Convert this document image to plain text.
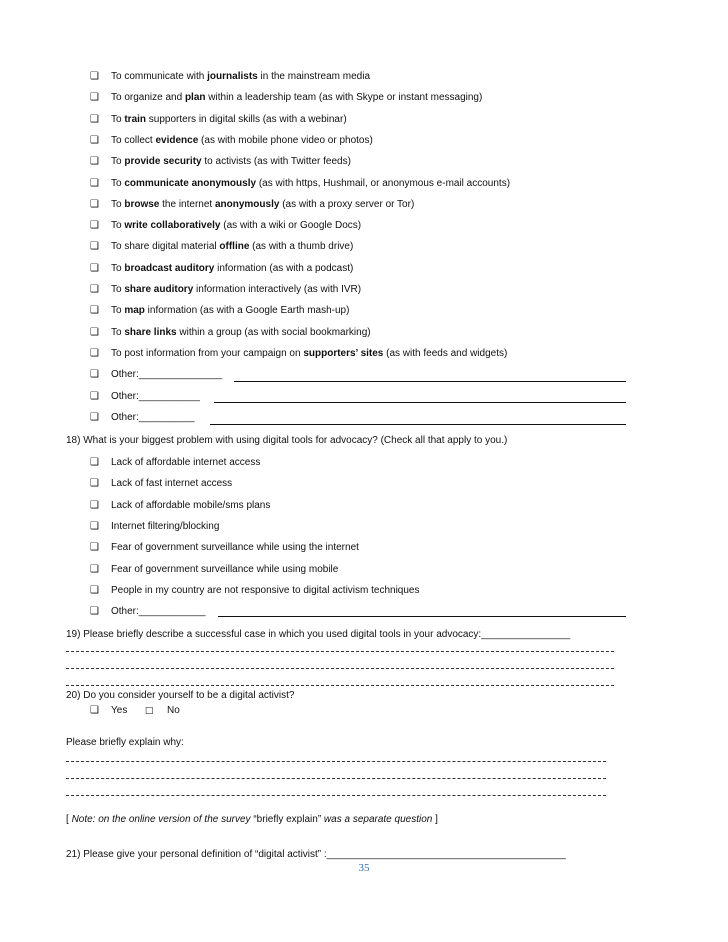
❑ To communicate with journalists in the mainstream media
❑ To organize and plan within a leadership team (as with Skype or instant messaging)
❑ To train supporters in digital skills (as with a webinar)
❑ To collect evidence (as with mobile phone video or photos)
❑ To provide security to activists (as with Twitter feeds)
❑ To communicate anonymously (as with https, Hushmail, or anonymous e-mail accounts)
❑ To browse the internet anonymously (as with a proxy server or Tor)
❑ To write collaboratively (as with a wiki or Google Docs)
❑ To share digital material offline (as with a thumb drive)
❑ To broadcast auditory information (as with a podcast)
❑ To share auditory information interactively (as with IVR)
❑ To map information (as with a Google Earth mash-up)
❑ To share links within a group (as with social bookmarking)
❑ To post information from your campaign on supporters’ sites (as with feeds and widgets)
❑ Other:_______________
❑ Other:___________
❑ Other:__________
18) What is your biggest problem with using digital tools for advocacy? (Check all that apply to you.)
❑ Lack of affordable internet access
❑ Lack of fast internet access
❑ Lack of affordable mobile/sms plans
❑ Internet filtering/blocking
❑ Fear of government surveillance while using the internet
❑ Fear of government surveillance while using mobile
❑ People in my country are not responsive to digital activism techniques
❑ Other:____________
19) Please briefly describe a successful case in which you used digital tools in your advocacy:________________
20) Do you consider yourself to be a digital activist?
❑ Yes □ No
Please briefly explain why:
[ Note: on the online version of the survey “briefly explain” was a separate question ]
21) Please give your personal definition of “digital activist” :___________________________________________
35
